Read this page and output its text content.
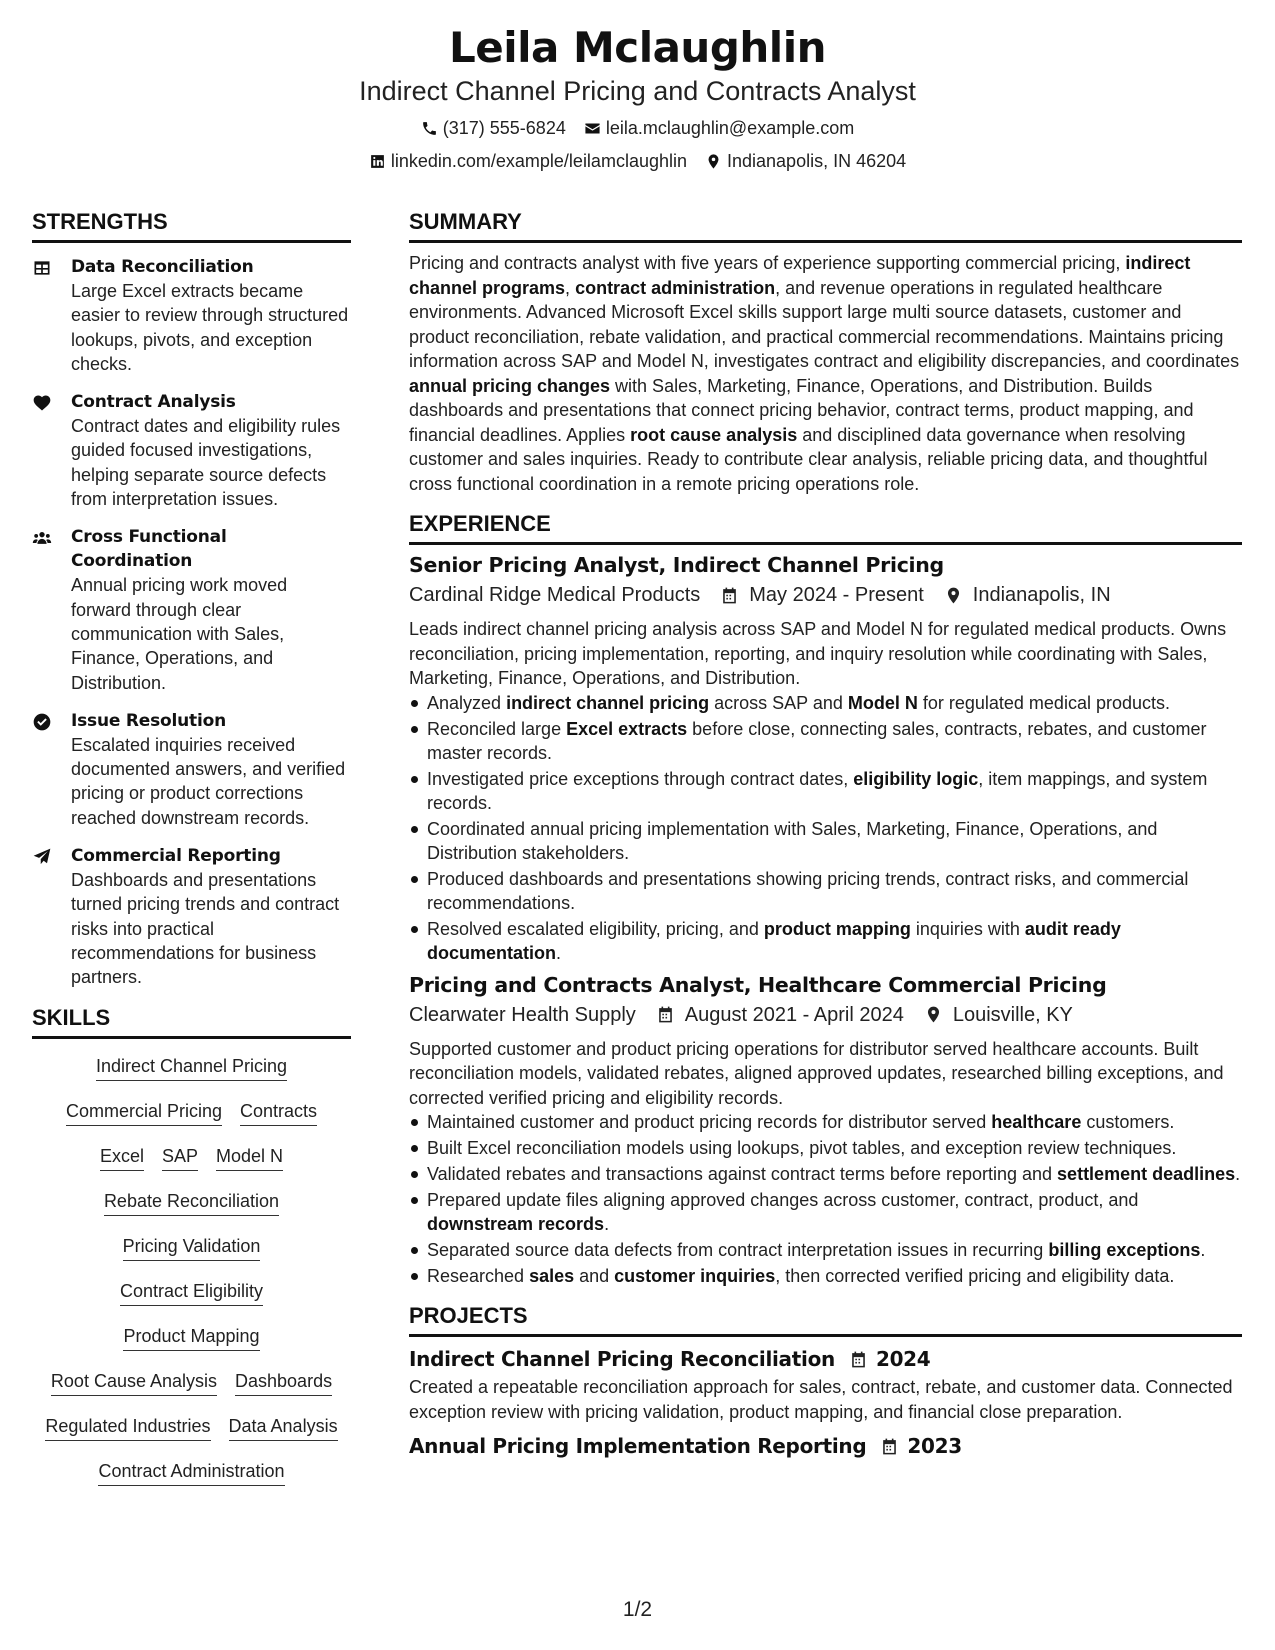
Leila Mclaughlin
Indirect Channel Pricing and Contracts Analyst
(317) 555-6824 leila.mclaughlin@example.com
linkedin.com/example/leilamclaughlin Indianapolis, IN 46204
STRENGTHS
Data Reconciliation
Large Excel extracts became easier to review through structured lookups, pivots, and exception checks.
Contract Analysis
Contract dates and eligibility rules guided focused investigations, helping separate source defects from interpretation issues.
Cross Functional Coordination
Annual pricing work moved forward through clear communication with Sales, Finance, Operations, and Distribution.
Issue Resolution
Escalated inquiries received documented answers, and verified pricing or product corrections reached downstream records.
Commercial Reporting
Dashboards and presentations turned pricing trends and contract risks into practical recommendations for business partners.
SKILLS
Indirect Channel Pricing
Commercial Pricing Contracts
Excel SAP Model N
Rebate Reconciliation
Pricing Validation
Contract Eligibility
Product Mapping
Root Cause Analysis Dashboards
Regulated Industries Data Analysis
Contract Administration
SUMMARY
Pricing and contracts analyst with five years of experience supporting commercial pricing, indirect channel programs, contract administration, and revenue operations in regulated healthcare environments. Advanced Microsoft Excel skills support large multi source datasets, customer and product reconciliation, rebate validation, and practical commercial recommendations. Maintains pricing information across SAP and Model N, investigates contract and eligibility discrepancies, and coordinates annual pricing changes with Sales, Marketing, Finance, Operations, and Distribution. Builds dashboards and presentations that connect pricing behavior, contract terms, product mapping, and financial deadlines. Applies root cause analysis and disciplined data governance when resolving customer and sales inquiries. Ready to contribute clear analysis, reliable pricing data, and thoughtful cross functional coordination in a remote pricing operations role.
EXPERIENCE
Senior Pricing Analyst, Indirect Channel Pricing
Cardinal Ridge Medical Products May 2024 - Present Indianapolis, IN
Leads indirect channel pricing analysis across SAP and Model N for regulated medical products. Owns reconciliation, pricing implementation, reporting, and inquiry resolution while coordinating with Sales, Marketing, Finance, Operations, and Distribution.
Analyzed indirect channel pricing across SAP and Model N for regulated medical products.
Reconciled large Excel extracts before close, connecting sales, contracts, rebates, and customer master records.
Investigated price exceptions through contract dates, eligibility logic, item mappings, and system records.
Coordinated annual pricing implementation with Sales, Marketing, Finance, Operations, and Distribution stakeholders.
Produced dashboards and presentations showing pricing trends, contract risks, and commercial recommendations.
Resolved escalated eligibility, pricing, and product mapping inquiries with audit ready documentation.
Pricing and Contracts Analyst, Healthcare Commercial Pricing
Clearwater Health Supply August 2021 - April 2024 Louisville, KY
Supported customer and product pricing operations for distributor served healthcare accounts. Built reconciliation models, validated rebates, aligned approved updates, researched billing exceptions, and corrected verified pricing and eligibility records.
Maintained customer and product pricing records for distributor served healthcare customers.
Built Excel reconciliation models using lookups, pivot tables, and exception review techniques.
Validated rebates and transactions against contract terms before reporting and settlement deadlines.
Prepared update files aligning approved changes across customer, contract, product, and downstream records.
Separated source data defects from contract interpretation issues in recurring billing exceptions.
Researched sales and customer inquiries, then corrected verified pricing and eligibility data.
PROJECTS
Indirect Channel Pricing Reconciliation 2024
Created a repeatable reconciliation approach for sales, contract, rebate, and customer data. Connected exception review with pricing validation, product mapping, and financial close preparation.
Annual Pricing Implementation Reporting 2023
1/2
